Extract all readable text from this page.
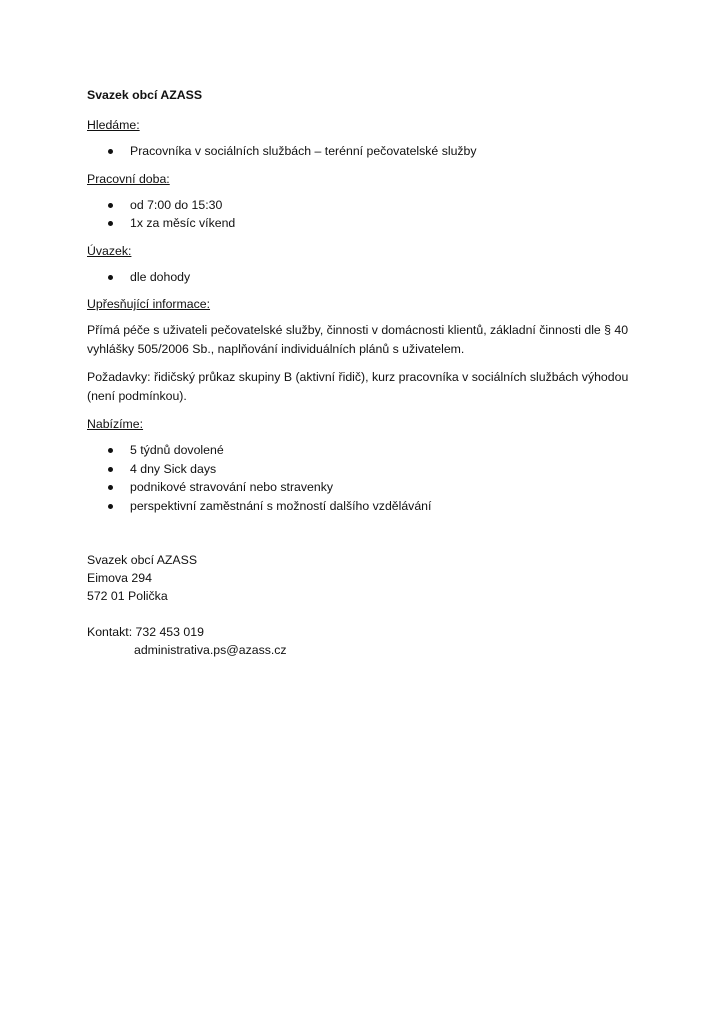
Svazek obcí AZASS
Hledáme:
Pracovníka v sociálních službách – terénní pečovatelské služby
Pracovní doba:
od 7:00 do 15:30
1x za měsíc víkend
Úvazek:
dle dohody
Upřesňující informace:

Přímá péče s uživateli pečovatelské služby, činnosti v domácnosti klientů, základní činnosti dle § 40
vyhlášky 505/2006 Sb., naplňování individuálních plánů s uživatelem.

Požadavky: řidičský průkaz skupiny B (aktivní řidič), kurz pracovníka v sociálních službách výhodou
(není podmínkou).

Nabízíme:
5 týdnů dovolené
4 dny Sick days
podnikové stravování nebo stravenky
perspektivní zaměstnání s možností dalšího vzdělávání
Svazek obcí AZASS
Eimova 294
572 01 Polička
Kontakt: 732 453 019
administrativa.ps@azass.cz
